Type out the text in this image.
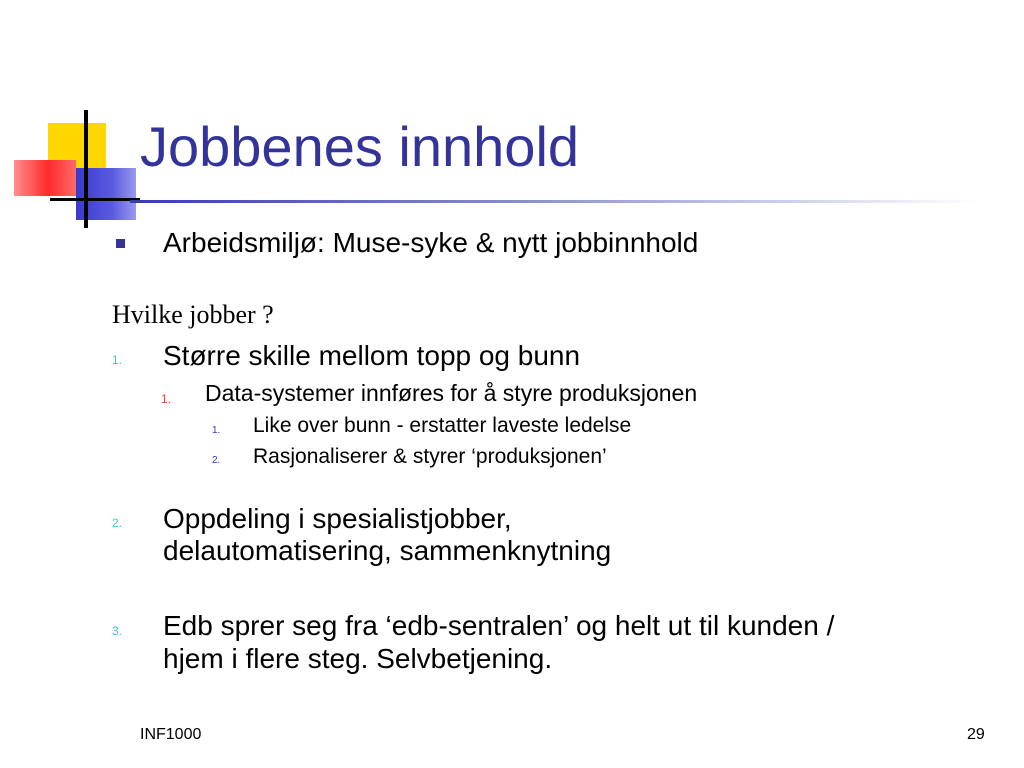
Jobbenes innhold
Arbeidsmiljø: Muse-syke & nytt jobbinnhold
Hvilke jobber ?
1. Større skille mellom topp og bunn
1. Data-systemer innføres for å styre produksjonen
1. Like over bunn - erstatter laveste ledelse
2. Rasjonaliserer & styrer ‘produksjonen’
2. Oppdeling i spesialistjobber,
delautomatisering, sammenknytning
3. Edb sprer seg fra ‘edb-sentralen’ og helt ut til kunden /
hjem i flere steg. Selvbetjening.
INF1000	29
